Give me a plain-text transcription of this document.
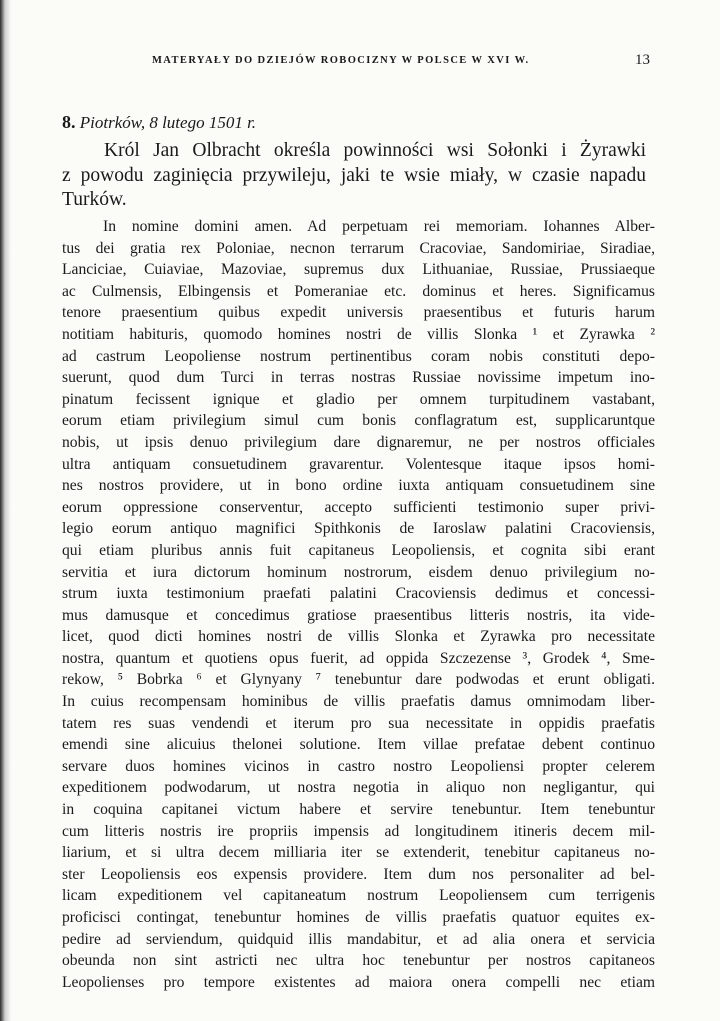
MATERYAŁY DO DZIEJÓW ROBOCIZNY W POLSCE W XVI W.	13
8. Piotrków, 8 lutego 1501 r.
Król Jan Olbracht określa powinności wsi Sołonki i Żyrawki
z powodu zaginięcia przywileju, jaki te wsie miały, w czasie napadu
Turków.
In nomine domini amen. Ad perpetuam rei memoriam. Iohannes Alber-
tus dei gratia rex Poloniae, necnon terrarum Cracoviae, Sandomiriae, Siradiae,
Lanciciae, Cuiaviae, Mazoviae, supremus dux Lithuaniae, Russiae, Prussiaeque
ac Culmensis, Elbingensis et Pomeraniae etc. dominus et heres. Significamus
tenore praesentium quibus expedit universis praesentibus et futuris harum
notitiam habituris, quomodo homines nostri de villis Slonka ¹ et Zyrawka ²
ad castrum Leopoliense nostrum pertinentibus coram nobis constituti depo-
suerunt, quod dum Turci in terras nostras Russiae novissime impetum ino-
pinatum fecissent ignique et gladio per omnem turpitudinem vastabant,
eorum etiam privilegium simul cum bonis conflagratum est, supplicaruntque
nobis, ut ipsis denuo privilegium dare dignaremur, ne per nostros officiales
ultra antiquam consuetudinem gravarentur. Volentesque itaque ipsos homi-
nes nostros providere, ut in bono ordine iuxta antiquam consuetudinem sine
eorum oppressione conserventur, accepto sufficienti testimonio super privi-
legio eorum antiquo magnifici Spithkonis de Iaroslaw palatini Cracoviensis,
qui etiam pluribus annis fuit capitaneus Leopoliensis, et cognita sibi erant
servitia et iura dictorum hominum nostrorum, eisdem denuo privilegium no-
strum iuxta testimonium praefati palatini Cracoviensis dedimus et concessi-
mus damusque et concedimus gratiose praesentibus litteris nostris, ita vide-
licet, quod dicti homines nostri de villis Slonka et Zyrawka pro necessitate
nostra, quantum et quotiens opus fuerit, ad oppida Szczezense ³, Grodek ⁴, Sme-
rekow, ⁵ Bobrka ⁶ et Glynyany ⁷ tenebuntur dare podwodas et erunt obligati.
In cuius recompensam hominibus de villis praefatis damus omnimodam liber-
tatem res suas vendendi et iterum pro sua necessitate in oppidis praefatis
emendi sine alicuius thelonei solutione. Item villae prefatae debent continuo
servare duos homines vicinos in castro nostro Leopoliensi propter celerem
expeditionem podwodarum, ut nostra negotia in aliquo non negligantur, qui
in coquina capitanei victum habere et servire tenebuntur. Item tenebuntur
cum litteris nostris ire propriis impensis ad longitudinem itineris decem mil-
liarium, et si ultra decem milliaria iter se extenderit, tenebitur capitaneus no-
ster Leopoliensis eos expensis providere. Item dum nos personaliter ad bel-
licam expeditionem vel capitaneatum nostrum Leopoliensem cum terrigenis
proficisci contingat, tenebuntur homines de villis praefatis quatuor equites ex-
pedire ad serviendum, quidquid illis mandabitur, et ad alia onera et servicia
obeunda non sint astricti nec ultra hoc tenebuntur per nostros capitaneos
Leopolienses pro tempore existentes ad maiora onera compelli nec etiam
